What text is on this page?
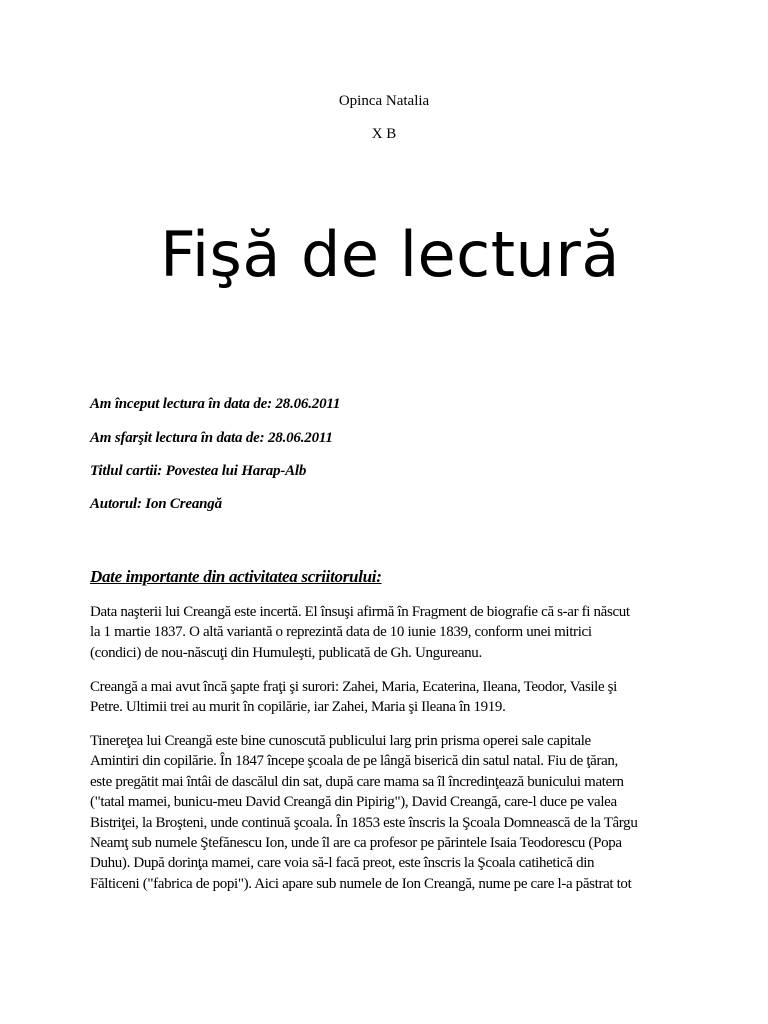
Opinca Natalia
X B
Fişă de lectură
Am început lectura în data de: 28.06.2011
Am sfarşit lectura în data de: 28.06.2011
Titlul cartii: Povestea lui Harap-Alb
Autorul: Ion Creangă
Date importante din activitatea scriitorului:
Data naşterii lui Creangă este incertă. El însuşi afirmă în Fragment de biografie că s-ar fi născut
la 1 martie 1837. O altă variantă o reprezintă data de 10 iunie 1839, conform unei mitrici
(condici) de nou-născuţi din Humuleşti, publicată de Gh. Ungureanu.
Creangă a mai avut încă şapte fraţi şi surori: Zahei, Maria, Ecaterina, Ileana, Teodor, Vasile şi
Petre. Ultimii trei au murit în copilărie, iar Zahei, Maria şi Ileana în 1919.
Tinereţea lui Creangă este bine cunoscută publicului larg prin prisma operei sale capitale
Amintiri din copilărie. În 1847 începe şcoala de pe lângă biserică din satul natal. Fiu de ţăran,
este pregătit mai întâi de dascălul din sat, după care mama sa îl încredinţează bunicului matern
("tatal mamei, bunicu-meu David Creangă din Pipirig"), David Creangă, care-l duce pe valea
Bistriţei, la Broşteni, unde continuă şcoala. În 1853 este înscris la Şcoala Domnească de la Târgu
Neamţ sub numele Ştefănescu Ion, unde îl are ca profesor pe părintele Isaia Teodorescu (Popa
Duhu). După dorinţa mamei, care voia să-l facă preot, este înscris la Şcoala catihetică din
Fălticeni ("fabrica de popi"). Aici apare sub numele de Ion Creangă, nume pe care l-a păstrat tot
